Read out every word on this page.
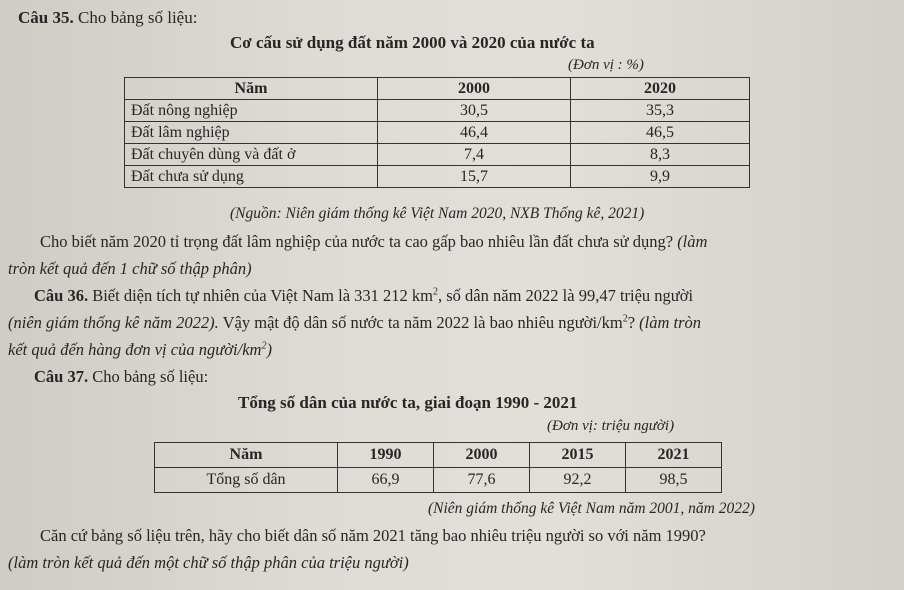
Câu 35. Cho bảng số liệu:
Cơ cấu sử dụng đất năm 2000 và 2020 của nước ta
(Đơn vị : %)
Năm	2000	2020
Đất nông nghiệp	30,5	35,3
Đất lâm nghiệp	46,4	46,5
Đất chuyên dùng và đất ở	7,4	8,3
Đất chưa sử dụng	15,7	9,9
(Nguồn: Niên giám thống kê Việt Nam 2020, NXB Thống kê, 2021)
Cho biết năm 2020 tỉ trọng đất lâm nghiệp của nước ta cao gấp bao nhiêu lần đất chưa sử dụng? (làm
tròn kết quả đến 1 chữ số thập phân)
Câu 36. Biết diện tích tự nhiên của Việt Nam là 331 212 $km^2$, số dân năm 2022 là 99,47 triệu người
(niên giám thống kê năm 2022). Vậy mật độ dân số nước ta năm 2022 là bao nhiêu người/$km^2$? (làm tròn
kết quả đến hàng đơn vị của người/$km^2$)
Câu 37. Cho bảng số liệu:
Tổng số dân của nước ta, giai đoạn 1990 - 2021
(Đơn vị: triệu người)
Năm	1990	2000	2015	2021
Tổng số dân	66,9	77,6	92,2	98,5
(Niên giám thống kê Việt Nam năm 2001, năm 2022)
Căn cứ bảng số liệu trên, hãy cho biết dân số năm 2021 tăng bao nhiêu triệu người so với năm 1990?
(làm tròn kết quả đến một chữ số thập phân của triệu người)
